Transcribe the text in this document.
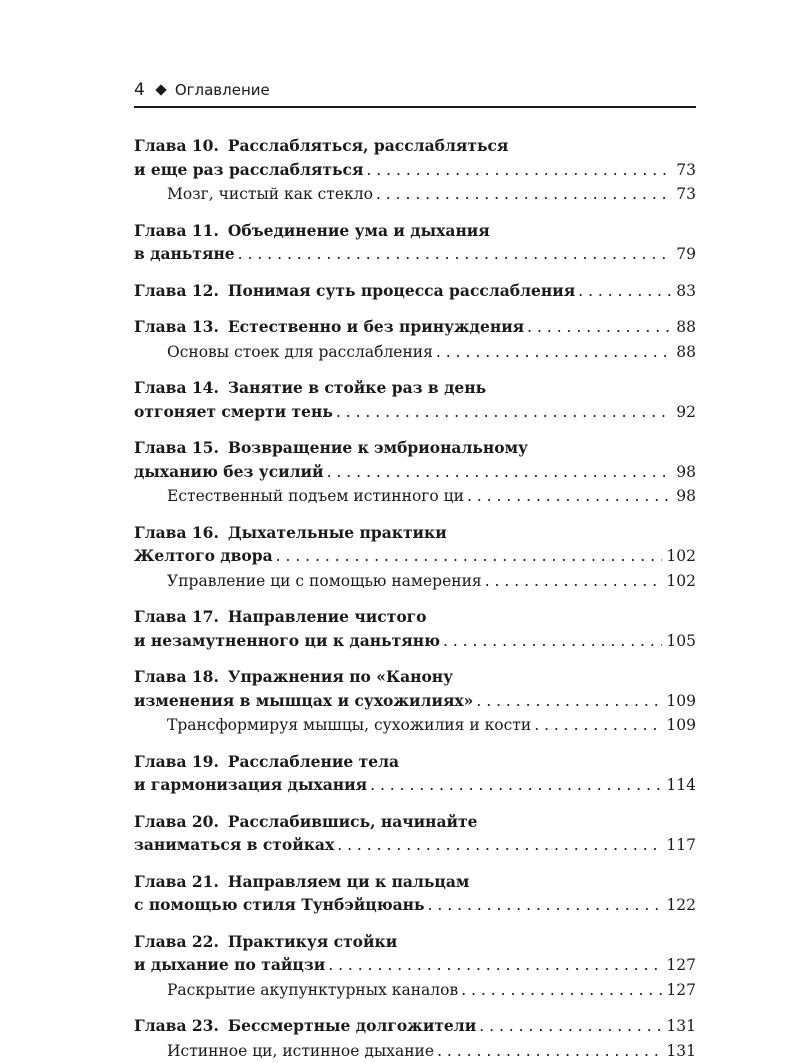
4 Оглавление
Глава 10. Расслабляться, расслабляться
и еще раз расслабляться . . .	73
Мозг, чистый как стекло . . .	73
Глава 11. Объединение ума и дыхания
в даньтяне . . .	79
Глава 12. Понимая суть процесса расслабления . . .	83
Глава 13. Естественно и без принуждения . . .	88
Основы стоек для расслабления . . .	88
Глава 14. Занятие в стойке раз в день
отгоняет смерти тень . . .	92
Глава 15. Возвращение к эмбриональному
дыханию без усилий . . .	98
Естественный подъем истинного ци . . .	98
Глава 16. Дыхательные практики
Желтого двора . . .	102
Управление ци с помощью намерения . . .	102
Глава 17. Направление чистого
и незамутненного ци к даньтяню . . .	105
Глава 18. Упражнения по «Канону
изменения в мышцах и сухожилиях» . . .	109
Трансформируя мышцы, сухожилия и кости . . .	109
Глава 19. Расслабление тела
и гармонизация дыхания . . .	114
Глава 20. Расслабившись, начинайте
заниматься в стойках . . .	117
Глава 21. Направляем ци к пальцам
с помощью стиля Тунбэйцюань . . .	122
Глава 22. Практикуя стойки
и дыхание по тайцзи . . .	127
Раскрытие акупунктурных каналов . . .	127
Глава 23. Бессмертные долгожители . . .	131
Истинное ци, истинное дыхание . . .	131
